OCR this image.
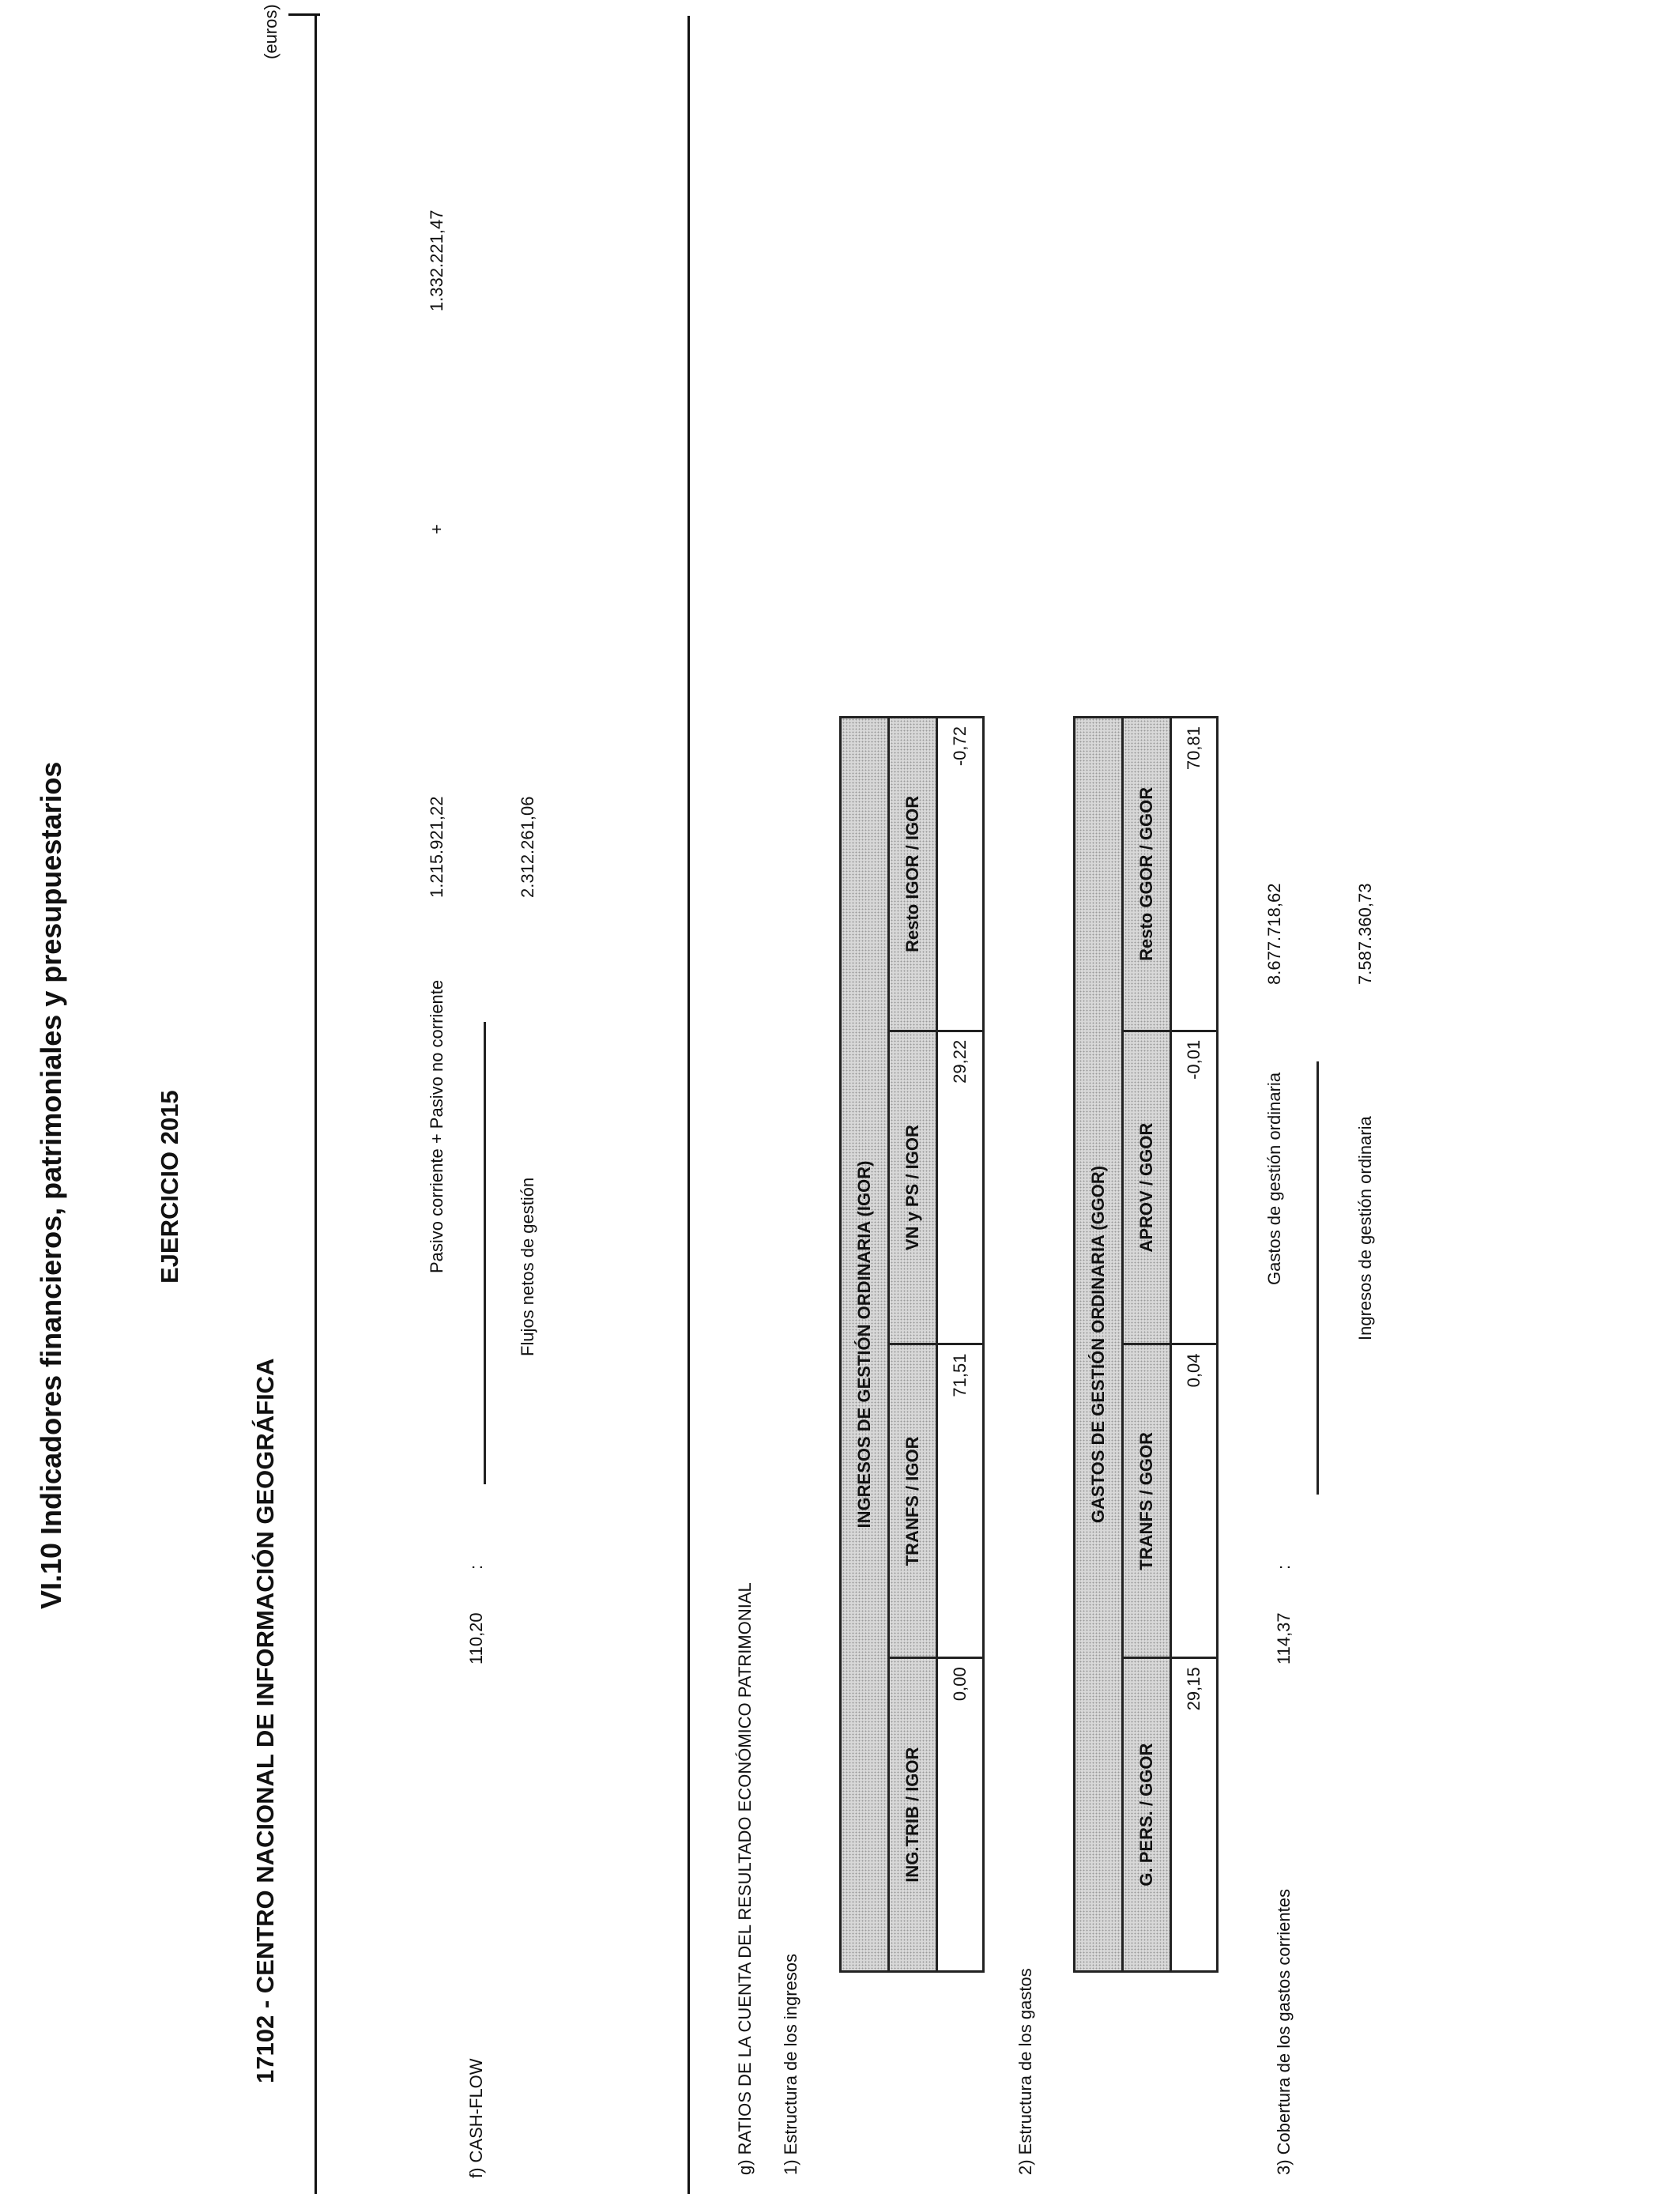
VI.10 Indicadores financieros, patrimoniales y presupuestarios	EJERCICIO 2015
17102 - CENTRO NACIONAL DE INFORMACIÓN GEOGRÁFICA
(euros)
f) CASH-FLOW
110,20
:
Pasivo corriente + Pasivo no corriente
1.215.921,22
+
1.332.221,47
Flujos netos de gestión
2.312.261,06
g) RATIOS DE LA CUENTA DEL RESULTADO ECONÓMICO PATRIMONIAL 1) Estructura de los ingresos
INGRESOS DE GESTIÓN ORDINARIA (IGOR)			
ING.TRIB / IGOR	TRANFS / IGOR	VN y PS / IGOR	Resto IGOR / IGOR
0,00	71,51	29,22	-0,72
2) Estructura de los gastos
GASTOS DE GESTIÓN ORDINARIA (GGOR)			
G. PERS. / GGOR	TRANFS / GGOR	APROV / GGOR	Resto GGOR / GGOR
29,15	0,04	-0,01	70,81
3) Cobertura de los gastos corrientes
114,37
:
Gastos de gestión ordinaria
8.677.718,62
Ingresos de gestión ordinaria
7.587.360,73
